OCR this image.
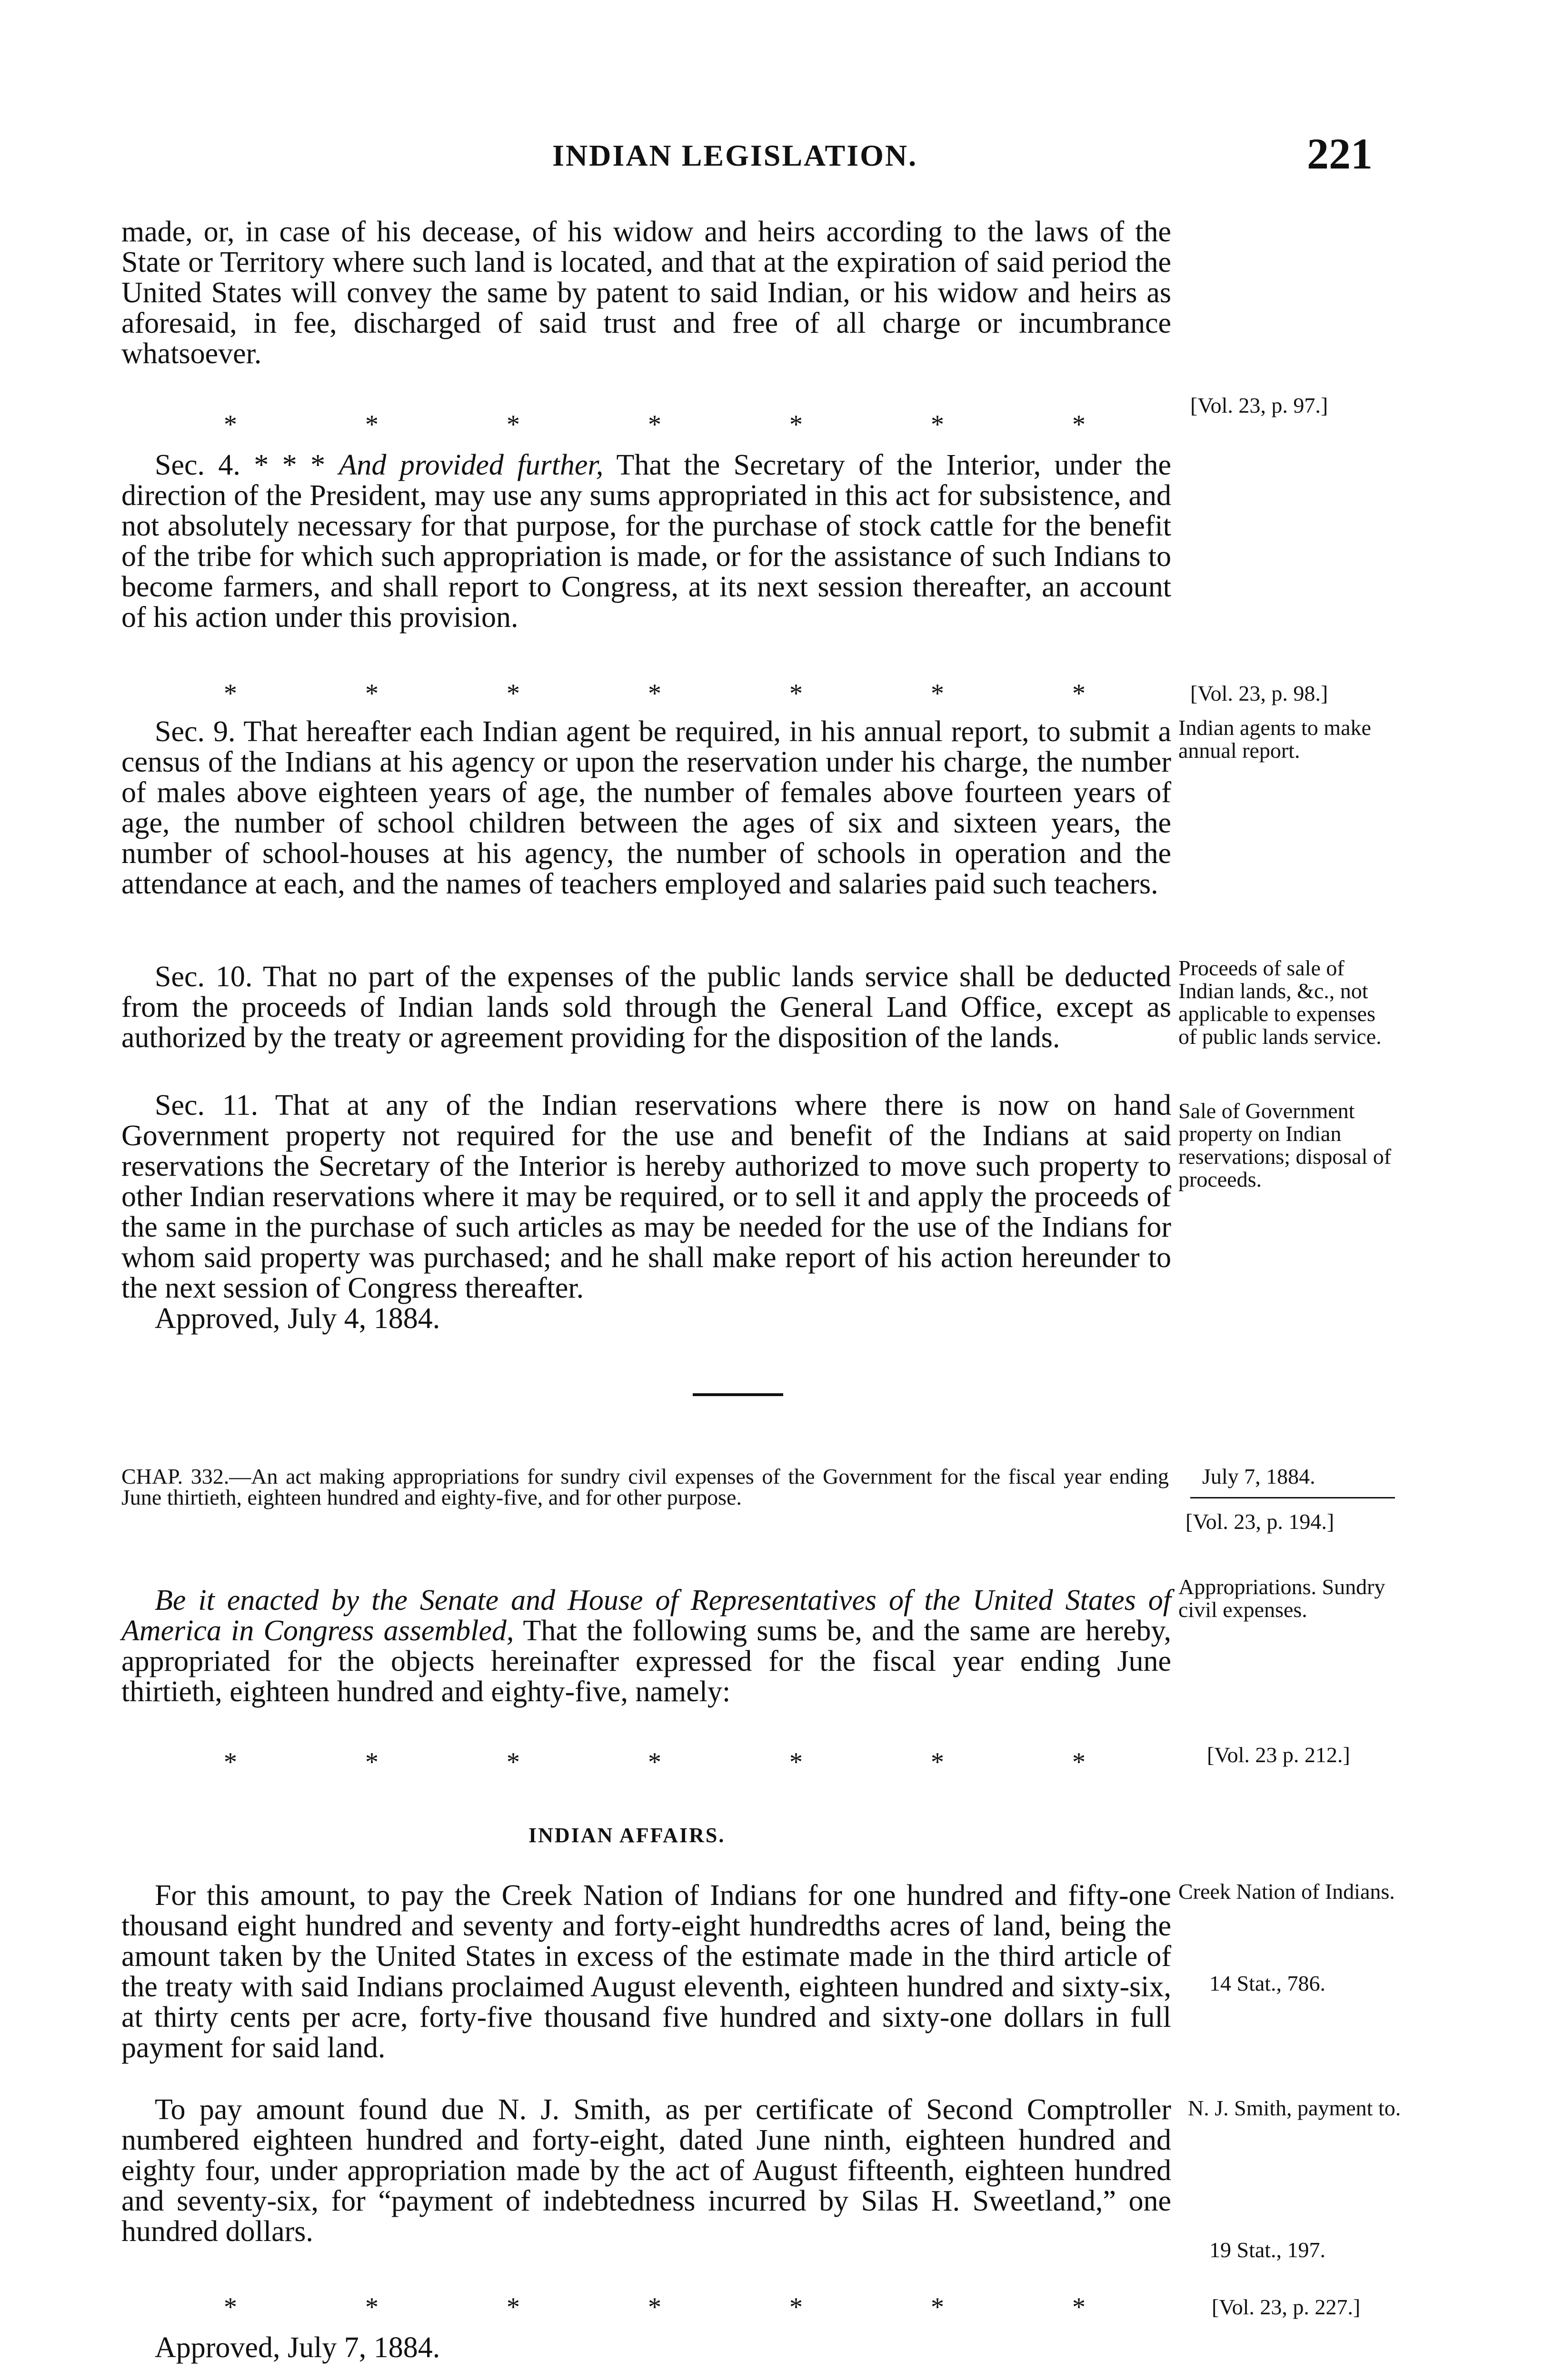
INDIAN LEGISLATION.	221

made, or, in case of his decease, of his widow and heirs according to the laws of the State or Territory where such land is located, and that at the expiration of said period the United States will convey the same by patent to said Indian, or his widow and heirs as aforesaid, in fee, discharged of said trust and free of all charge or incumbrance whatsoever.

*	*	*	*	*	*	*
[Vol. 23, p. 97.]

Sec. 4. * * * And provided further, That the Secretary of the Interior, under the direction of the President, may use any sums appropriated in this act for subsistence, and not absolutely necessary for that purpose, for the purchase of stock cattle for the benefit of the tribe for which such appropriation is made, or for the assistance of such Indians to become farmers, and shall report to Congress, at its next session thereafter, an account of his action under this provision.

*	*	*	*	*	*	*	[Vol. 23, p. 98.]

Sec. 9. That hereafter each Indian agent be required, in his annual report, to submit a census of the Indians at his agency or upon the reservation under his charge, the number of males above eighteen years of age, the number of females above fourteen years of age, the number of school children between the ages of six and sixteen years, the number of school-houses at his agency, the number of schools in operation and the attendance at each, and the names of teachers employed and salaries paid such teachers.

Indian agents to make annual report.

Sec. 10. That no part of the expenses of the public lands service shall be deducted from the proceeds of Indian lands sold through the General Land Office, except as authorized by the treaty or agreement providing for the disposition of the lands.

Proceeds of sale of Indian lands, &c., not applicable to expenses of public lands service.

Sec. 11. That at any of the Indian reservations where there is now on hand Government property not required for the use and benefit of the Indians at said reservations the Secretary of the Interior is hereby authorized to move such property to other Indian reservations where it may be required, or to sell it and apply the proceeds of the same in the purchase of such articles as may be needed for the use of the Indians for whom said property was purchased; and he shall make report of his action hereunder to the next session of Congress thereafter.

Approved, July 4, 1884.

Sale of Government property on Indian reservations; disposal of proceeds.
CHAP. 332.—An act making appropriations for sundry civil expenses of the Government for the fiscal year ending June thirtieth, eighteen hundred and eighty-five, and for other purpose.
July 7, 1884.
[Vol. 23, p. 194.]

Be it enacted by the Senate and House of Representatives of the United States of America in Congress assembled, That the following sums be, and the same are hereby, appropriated for the objects hereinafter expressed for the fiscal year ending June thirtieth, eighteen hundred and eighty-five, namely:

Appropriations. Sundry civil expenses.
*	*	*	*	*	*	*	[Vol. 23 p. 212.]
INDIAN AFFAIRS.

For this amount, to pay the Creek Nation of Indians for one hundred and fifty-one thousand eight hundred and seventy and forty-eight hundredths acres of land, being the amount taken by the United States in excess of the estimate made in the third article of the treaty with said Indians proclaimed August eleventh, eighteen hundred and sixty-six, at thirty cents per acre, forty-five thousand five hundred and sixty-one dollars in full payment for said land.

Creek Nation of Indians.
14 Stat., 786.

To pay amount found due N. J. Smith, as per certificate of Second Comptroller numbered eighteen hundred and forty-eight, dated June ninth, eighteen hundred and eighty four, under appropriation made by the act of August fifteenth, eighteen hundred and seventy-six, for “payment of indebtedness incurred by Silas H. Sweetland,” one hundred dollars.

N. J. Smith, payment to.
19 Stat., 197.
*	*	*	*	*	*	*	[Vol. 23, p. 227.]

Approved, July 7, 1884.
